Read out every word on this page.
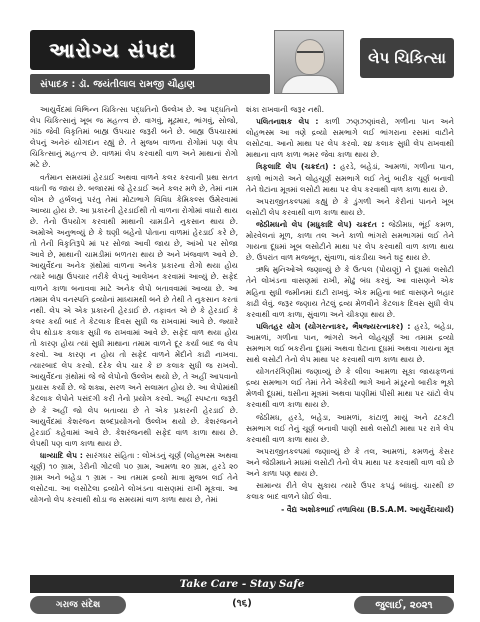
આરોગ્ય સંપદા
સંપાદક : ડૉ. જયંતીલાલ રામજી ચૌહાણ
લેપ ચિકિત્સા

આયુર્વેદમાં વિભિન્ન ચિકિત્સા પદ્ધતિનો ઉલ્લેખ છે. આ પદ્ધતિનો લેપ ચિકિત્સાનું ખૂબ જ મહત્ત્વ છે. વાગવું, મૂઢમાર, ભાંગવું, સોજો, ગાંઠ જેવી વિકૃતિમાં બાહ્ય ઉપચાર જરૂરી બને છે. બાહ્ય ઉપચારમાં લેપનું અનેરું યોગદાન રહ્યું છે. તે મુજબ વાળના રોગોમાં પણ લેપ ચિકિત્સાનું મહત્ત્વ છે. વાળમાં લેપ કરવાથી વાળ અને માથાનાં રોગો મટે છે.

વર્તમાન સમયમાં હેરડાઈ અથવા વાળને કલર કરવાની પ્રથા સતત વધતી જ જાય છે. બજારમાં જે હેરડાઈ અને કલર મળે છે, તેમાં નામ લોખ છે હર્બલનું પરંતુ તેમાં મોટાભાગે વિવિધ કેમિકલ્સ ઉમેરવામાં આવ્યા હોય છે. આ પ્રકારની હેરડાઈથી તો વાળના રોગોમાં વધારો થાય છે. તેનો ઉપયોગ કરવાથી માથાની ચામડીને નુકસાન થાય છે. અમોએ અનુભવ્યું છે કે ઘણી બહેનો પોતાના વાળમાં હેરડાઈ કરે છે, તો તેની વિકૃતિરૂપે માં પર સોજા આવી જાય છે, આંખો પર સોજા આવે છે, માથાની ચામડીમાં બળતરા થાય છે અને ખંજવાળ આવે છે. આયુર્વેદના અનેક ગ્રંથોમાં વાળના અનેક પ્રકારના રોગો થયા હોય ત્યારે બાહ્ય ઉપચાર તરીકે લેપનું આલેખન કરવામાં આવ્યું છે. સફેદ વાળને કાળા બનાવવા માટે અનેક લેપો બતાવવામાં આવ્યા છે. આ તમામ લેપ વનસ્પતિ દ્રવ્યોનાં માધ્યમથી બને છે તેથી તે નુકસાન કરતાં નથી. લેપ એ એક પ્રકારની હેરડાઈ છે. તફાવત એ છે કે હેરડાઈ કે કલર કર્યા બાદ તે કેટલાક દિવસ સુધી જ રાખવામાં આવે છે. જ્યારે લેપ થોડાક કલાક સુધી જ રાખવામાં આવે છે. સફેદ વાળ થયા હોય તો કારણ હોય ત્યાં સુધી માથાના તમામ વાળને દૂર કર્યા બાદ જ લેપ કરવો. આ કારણ ન હોય તો સફેદ વાળને મેંદીને કાઢી નાખવા. ત્યારબાદ લેપ કરવો. દરેક લેપ ચાર કે છ કલાક સુધી જ રાખવો. આયુર્વેદના ગ્રંથોમાં જે જે લેપોનો ઉલ્લેખ થયો છે, તે અહીં આપવાનો પ્રયાસ કર્યો છે. જે શક્ય, સરળ અને સલામત હોય છે. આ લેપોમાંથી કેટલાક લેપોને પસંદગી કરી તેનો પ્રયોગ કરવો. અહીં સ્પષ્ટતા જરૂરી છે કે અહીં જો લેપ બતાવ્યા છે તે એક પ્રકારની હેરડાઈ છે. આયુર્વેદમાં કેશરંજન શબ્દપ્રયોગનો ઉલ્લેખ થયો છે. કેશરંજનને હેરડાઈ કહેવામાં આવે છે. કેશરંજનથી સફેદ વાળ કાળા થાય છે. લેપથી પણ વાળ કાળા થાય છે.

ધાત્ર્યાદિ લેપ : સારંગધર સંહિતા : લોખંડનું ચૂર્ણ (લોહભસ્મ અથવા ચૂર્ણ) ૧૦ ગ્રામ, ડેરીની ગોટલી ૫૦ ગ્રામ, આમળા ૨૦ ગ્રામ, હરડે ૨૦ ગ્રામ અને બહેડા ૧ ગ્રામ - આ તમામ દ્રવ્યો માત્રા મુજબ લઈ તેને લસોટવા. આ લસોટેલા દ્રવ્યોને લોખંડના વાસણમાં રાખી મૂકવા. આ યોગનો લેપ કરવાથી થોડા જ સમયમાં વાળ કાળા થાય છે, તેમાં

શંકા રાખવાની જરૂર નથી.

પલિતનાશક લેપ : કાળી ઝણઝણાંવરો, ગળીના પાન અને લોહભસ્મ આ ત્રણે દ્રવ્યો સમભાગે લઈ ભાંગરાના રસમાં વાટીને લસોટવા. આનો માથા પર લેપ કરવો. ૨૪ કલાક સુધી લેપ રાખવાથી માથાના વાળ કાળા ભમર જેવા કાળા થાય છે.

ત્રિફલાદિ લેપ (ચક્રદત) : હરડે, બહેડાં, આમળાં, ગળીના પાન, કાળો ભાંગરો અને લોહચૂર્ણ સમભાગે લઈ તેનું બારીક ચૂર્ણ બનાવી તેને ઘેટાંના મૂત્રમાં લસોટી માથા પર લેપ કરવાથી વાળ કાળા થાય છે.

અપરાજીતકલ્પમાં કહ્યું છે કે ડુંગળી અને કેરીનાં પાનને ખૂબ લસોટી લેપ કરવાથી વાળ કાળા થાય છે.

જેઠીમધનો લેપ (મધુકાદિ લેપ) ચક્રદત : જેઠીમધ, ભૂંઈ કમળ, મોરવેલનાં મૂળ, કાળા તલ અને કાળો ભાંગરો સમભાગમાં લઈ તેને ગાયના દૂધમાં ખૂબ લસોટીને માથા પર લેપ કરવાથી વાળ કાળા થાય છે. ઉપરાંત વાળ મજબૂત, સુંવાળા, વાંકડીયા અને ઘટ્ટ થાય છે.

ઋષિ મુનિઓએ જણાવ્યું છે કે ઉત્પલ (પોયણું) ને દૂધમાં લસોટી તેને લોખંડના વાસણમાં રાખી, મોઢું બંધ કરવું. આ વાસણને એક મહિના સુધી જમીનમાં દાટી રાખવું. એક મહિના બાદ વાસણને બહાર કાઢી લેવું. જરૂર જણાય તેટલું દ્રવ્ય મેળવીને કેટલાક દિવસ સુધી લેપ કરવાથી વાળ કાળા, સુંવાળા અને ચીકણા થાય છે.

પલિતહર યોગ (યોગરત્નાકર, ભૈષજ્યરત્નાકર) : હરડે, બહેડા, આમળાં, ગળીના પાન, ભાંગરો અને લોહચૂર્ણ આ તમામ દ્રવ્યો સમભાગ લઈ બકરીના દૂધમાં અથવા ઘેટાના દૂધમાં અથવા ગાયના મૂત્ર સાથે લસોટી તેનો લેપ માથા પર કરવાથી વાળ કાળા થાય છે.

યોગતરંગિણીમાં જણાવ્યું છે કે લીલા આમળા સૂકા જાયફળનાં દ્રવ્ય સમભાગ લઈ તેમાં તેને એકેયી ભાગે આને મંડૂરનો બારીક ભૂકો મેળવી દૂધમાં, ઘસીના મૂત્રમાં અથવા પાણીમાં પીસી માથા પર ચાંટો લેપ કરવાથી વાળ કાળા થાય છે.

જેઠીમધ, હરડે, બહેડા, આમળાં, કાંટાળું માયું અને ઢટકટી સમભાગ લઈ તેનું ચૂર્ણ બનાવી પાણી સાથે લસોટી માથા પર રાત્રે લેપ કરવાથી વાળ કાળા થાય છે.

અપરાજીતકલ્પમાં જણાવ્યું છે કે તલ, આમળાં, કમળનું કેસર અને જેઠીમધને મધમાં લસોટી તેનો લેપ માથા પર કરવાથી વાળ વધે છે અને કાળા પણ થાય છે.

સામાન્ય રીતે લેપ સુકાય ત્યારે ઉપર કપડું બાંધવું. ચારથી છ કલાક બાદ વાળને ધોઈ લેવા.

- વૈદ્ય અશોકભાઈ તળાવિયા (B.S.A.M. આયુર્વેદાચાર્ય)

Take Care - Stay Safe
ગરાજ સંદેશ	(૧૬)	જુલાઈ, ૨૦૨૧
